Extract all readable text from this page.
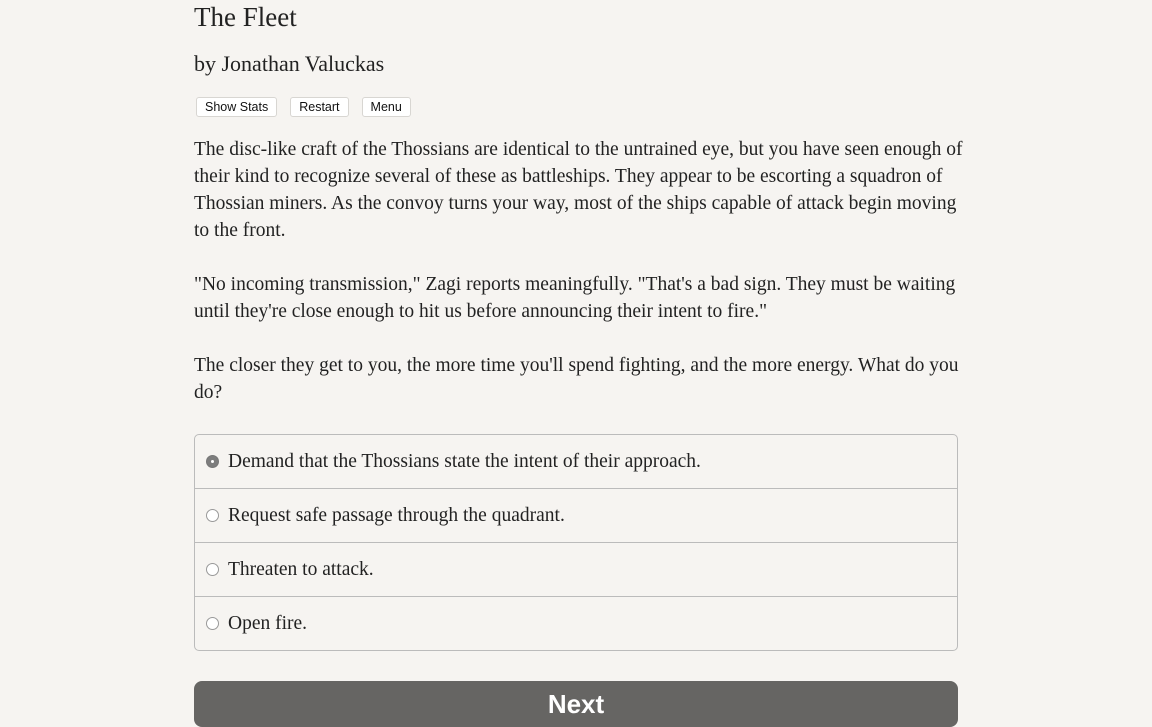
The Fleet
by Jonathan Valuckas
Show Stats	Restart	Menu

The disc-like craft of the Thossians are identical to the untrained eye, but you have seen enough of their kind to recognize several of these as battleships. They appear to be escorting a squadron of Thossian miners. As the convoy turns your way, most of the ships capable of attack begin moving to the front.

"No incoming transmission," Zagi reports meaningfully. "That's a bad sign. They must be waiting until they're close enough to hit us before announcing their intent to fire."

The closer they get to you, the more time you'll spend fighting, and the more energy. What do you do?

Demand that the Thossians state the intent of their approach.
Request safe passage through the quadrant.
Threaten to attack.
Open fire.
Next
